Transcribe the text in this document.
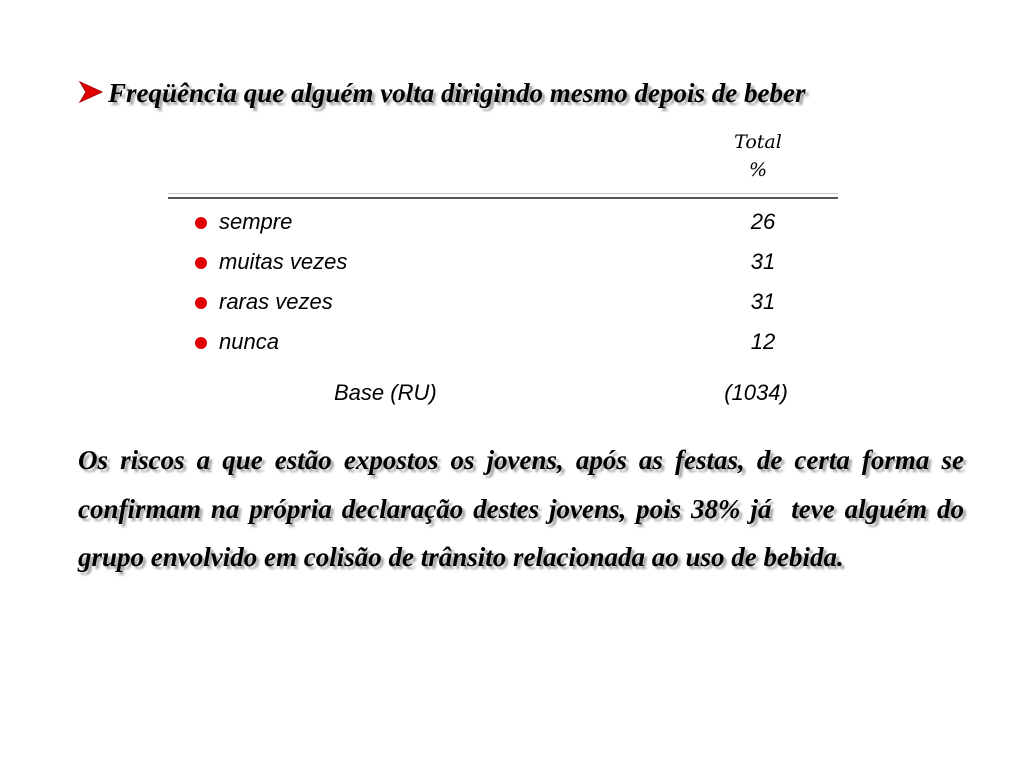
Freqüência que alguém volta dirigindo mesmo depois de beber
Total
%
sempre	26
muitas vezes	31
raras vezes	31
nunca	12
Base (RU)	(1034)
Os riscos a que estão expostos os jovens, após as festas, de certa forma se confirmam na própria declaração destes jovens, pois 38% já  teve alguém do grupo envolvido em colisão de trânsito relacionada ao uso de bebida.
